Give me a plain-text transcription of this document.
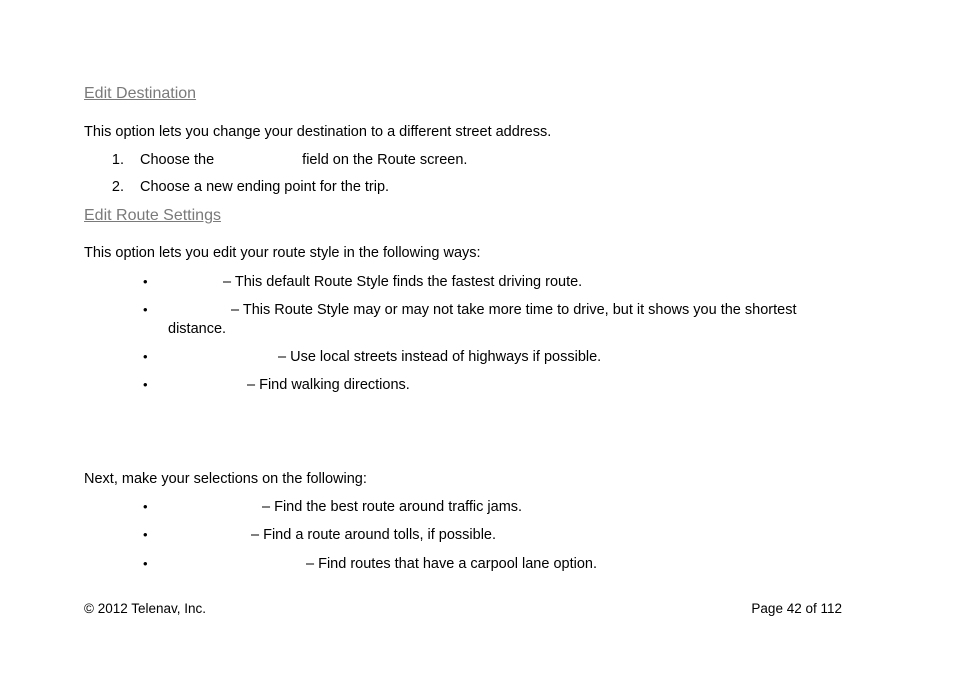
Edit Destination
This option lets you change your destination to a different street address.
1. Choose the	field on the Route screen.
2. Choose a new ending point for the trip.
Edit Route Settings
This option lets you edit your route style in the following ways:
•	– This default Route Style finds the fastest driving route.
•	– This Route Style may or may not take more time to drive, but it shows you the shortest
distance.
•	– Use local streets instead of highways if possible.
•	– Find walking directions.
Next, make your selections on the following:
•	– Find the best route around traffic jams.
•	– Find a route around tolls, if possible.
•	– Find routes that have a carpool lane option.
© 2012 Telenav, Inc.	Page 42 of 112
